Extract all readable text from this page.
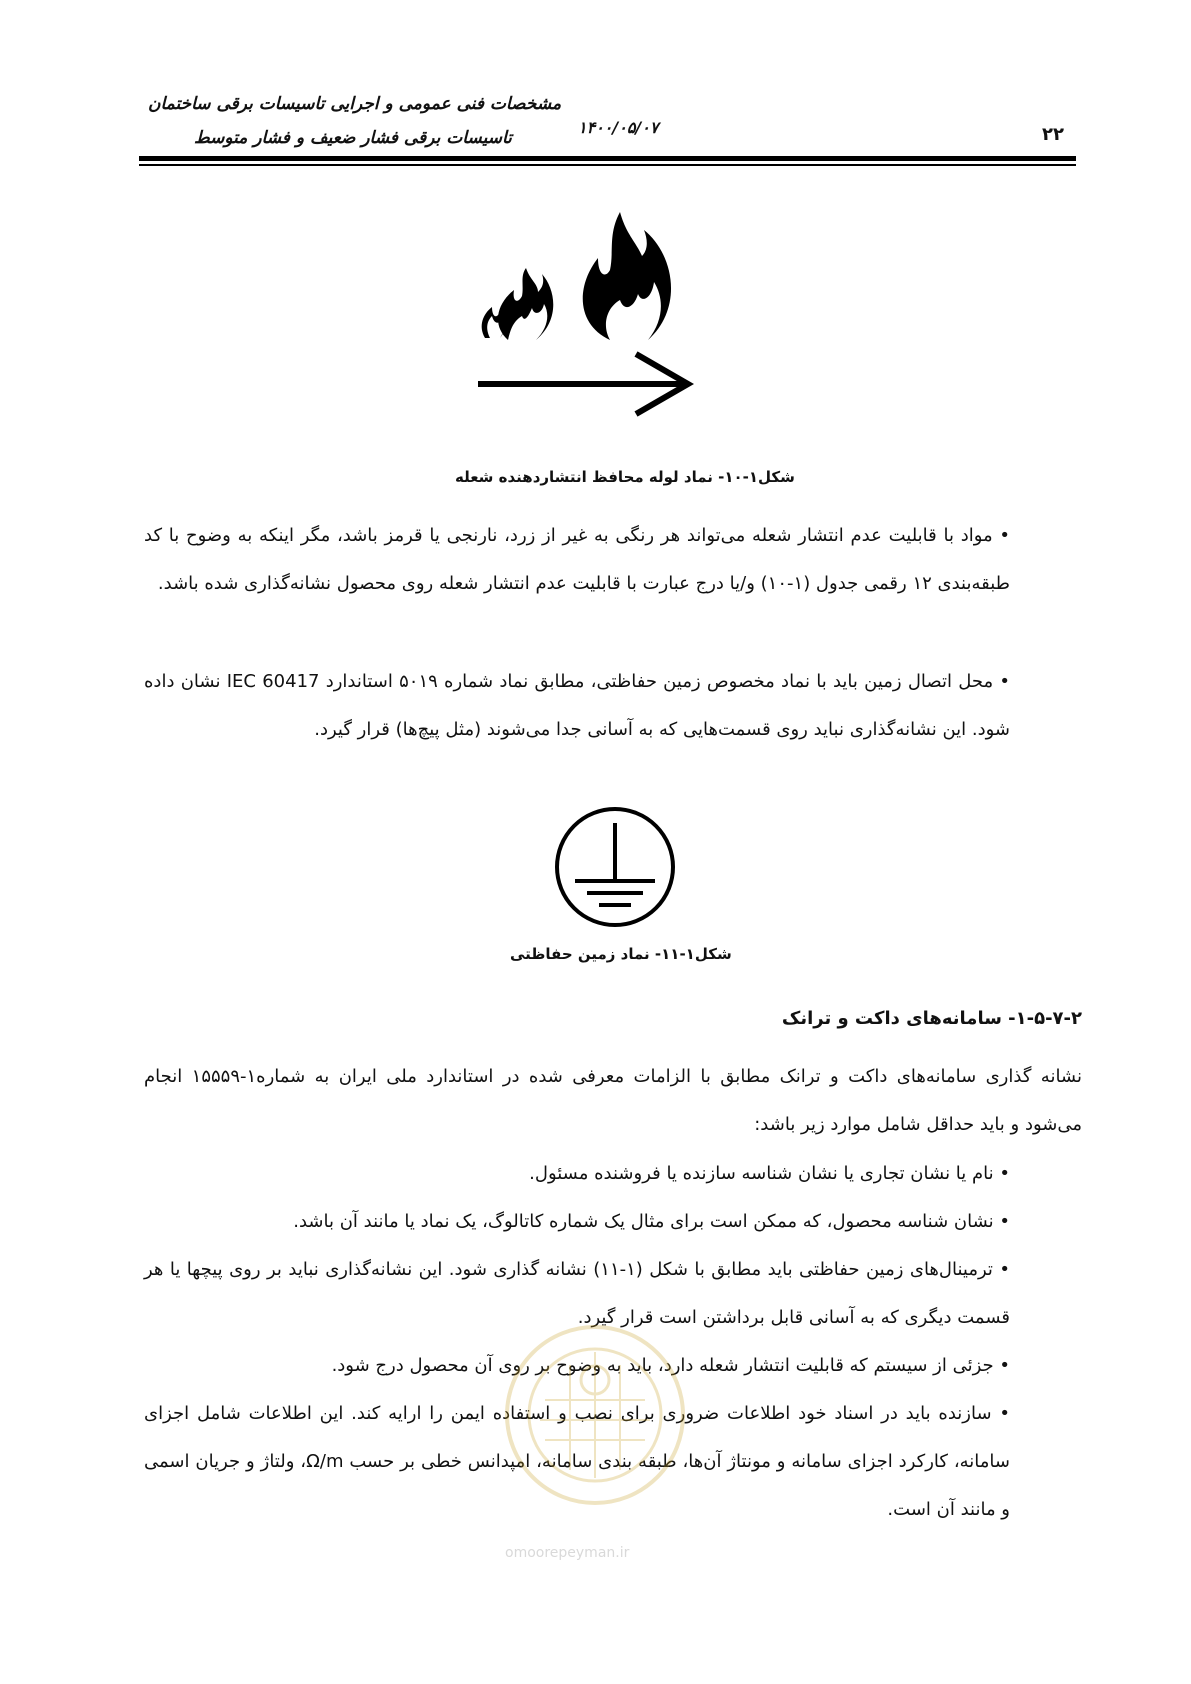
مشخصات فنی عمومی و اجرایی تاسیسات برقی ساختمان
تاسیسات برقی فشار ضعیف و فشار متوسط
۱۴۰۰/۰۵/۰۷	۲۲
شکل۱-۱۰- نماد لوله محافظ انتشاردهنده شعله

• مواد با قابلیت عدم انتشار شعله می‌تواند هر رنگی به غیر از زرد، نارنجی یا قرمز باشد، مگر اینکه به وضوح با کد طبقه‌بندی ۱۲ رقمی جدول (۱-۱۰) و/یا درج عبارت با قابلیت عدم انتشار شعله روی محصول نشانه‌گذاری شده باشد.

• محل اتصال زمین باید با نماد مخصوص زمین حفاظتی، مطابق نماد شماره ۵۰۱۹ استاندارد IEC 60417 نشان داده شود. این نشانه‌گذاری نباید روی قسمت‌هایی که به آسانی جدا می‌شوند (مثل پیچ‌ها) قرار گیرد.

شکل۱-۱۱- نماد زمین حفاظتی
۱-۵-۷-۲- سامانه‌های داکت و ترانک

نشانه گذاری سامانه‌های داکت و ترانک مطابق با الزامات معرفی شده در استاندارد ملی ایران به شماره۱-۱۵۵۵۹ انجام می‌شود و باید حداقل شامل موارد زیر باشد:

• نام یا نشان تجاری یا نشان شناسه سازنده یا فروشنده مسئول.

• نشان شناسه محصول، که ممکن است برای مثال یک شماره کاتالوگ، یک نماد یا مانند آن باشد.

• ترمینال‌های زمین حفاظتی باید مطابق با شکل (۱-۱۱) نشانه گذاری شود. این نشانه‌گذاری نباید بر روی پیچها یا هر قسمت دیگری که به آسانی قابل برداشتن است قرار گیرد.

• جزئی از سیستم که قابلیت انتشار شعله دارد، باید به وضوح بر روی آن محصول درج شود.

• سازنده باید در اسناد خود اطلاعات ضروری برای نصب و استفاده ایمن را ارایه کند. این اطلاعات شامل اجزای سامانه، کارکرد اجزای سامانه و مونتاژ آن‌ها، طبقه بندی سامانه، امپدانس خطی بر حسب Ω/m، ولتاژ و جریان اسمی و مانند آن است.

omoorepeyman.ir
